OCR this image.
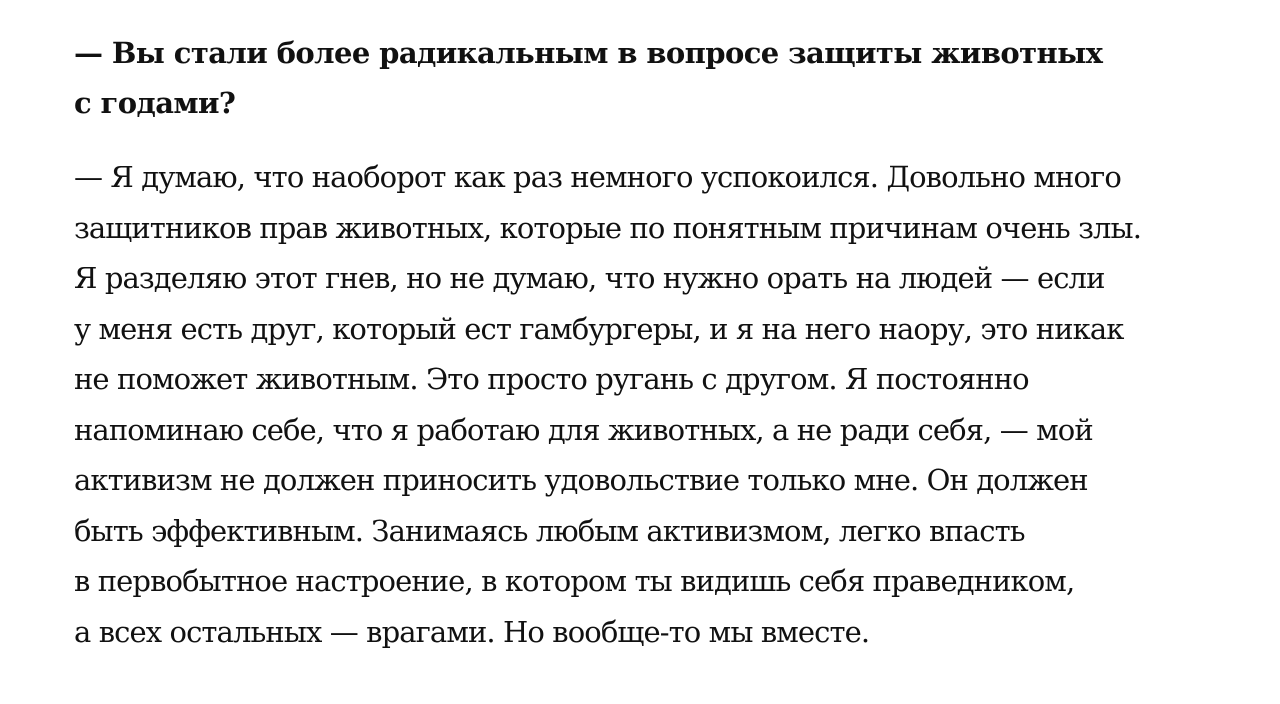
— Вы стали более радикальным в вопросе защиты животных
с годами?

— Я думаю, что наоборот как раз немного успокоился. Довольно много
защитников прав животных, которые по понятным причинам очень злы.
Я разделяю этот гнев, но не думаю, что нужно орать на людей — если
у меня есть друг, который ест гамбургеры, и я на него наору, это никак
не поможет животным. Это просто ругань с другом. Я постоянно
напоминаю себе, что я работаю для животных, а не ради себя, — мой
активизм не должен приносить удовольствие только мне. Он должен
быть эффективным. Занимаясь любым активизмом, легко впасть
в первобытное настроение, в котором ты видишь себя праведником,
а всех остальных — врагами. Но вообще-то мы вместе.
